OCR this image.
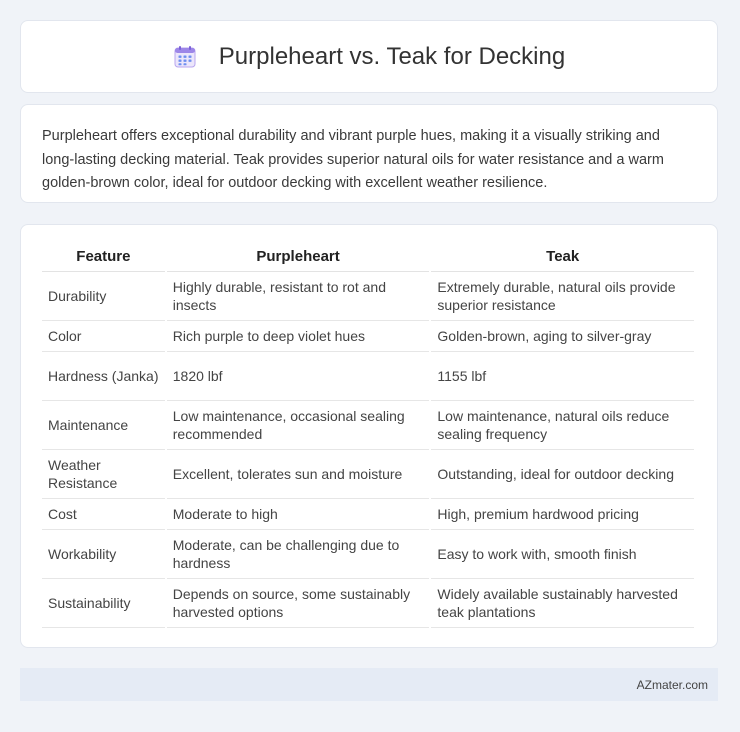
Purpleheart vs. Teak for Decking

Purpleheart offers exceptional durability and vibrant purple hues, making it a visually striking and long-lasting decking material. Teak provides superior natural oils for water resistance and a warm golden-brown color, ideal for outdoor decking with excellent weather resilience.

Feature	Purpleheart	Teak
Durability	Highly durable, resistant to rot and insects	Extremely durable, natural oils provide superior resistance
Color	Rich purple to deep violet hues	Golden-brown, aging to silver-gray
Hardness (Janka)	1820 lbf	1155 lbf
Maintenance	Low maintenance, occasional sealing recommended	Low maintenance, natural oils reduce sealing frequency
Weather Resistance	Excellent, tolerates sun and moisture	Outstanding, ideal for outdoor decking
Cost	Moderate to high	High, premium hardwood pricing
Workability	Moderate, can be challenging due to hardness	Easy to work with, smooth finish
Sustainability	Depends on source, some sustainably harvested options	Widely available sustainably harvested teak plantations
AZmater.com
